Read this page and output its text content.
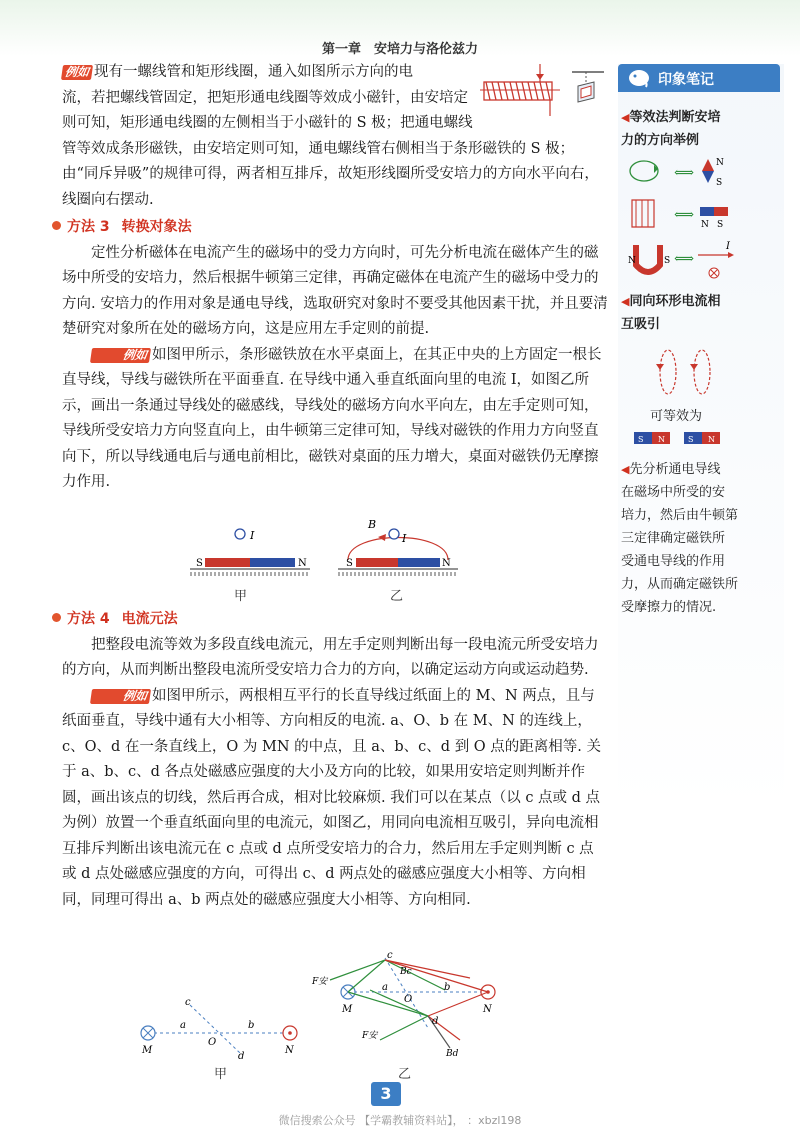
第一章　安培力与洛伦兹力

例如 现有一螺线管和矩形线圈，通入如图所示方向的电

流，若把螺线管固定，把矩形通电线圈等效成小磁针，由安培定

则可知，矩形通电线圈的左侧相当于小磁针的 S 极；把通电螺线

管等效成条形磁铁，由安培定则可知，通电螺线管右侧相当于条形磁铁的 S 极；由“同斥异吸”的规律可得，两者相互排斥，故矩形线圈所受安培力的方向水平向右，线圈向右摆动.

方法 3 转换对象法

定性分析磁体在电流产生的磁场中的受力方向时，可先分析电流在磁体产生的磁场中所受的安培力，然后根据牛顿第三定律，再确定磁体在电流产生的磁场中受力的方向. 安培力的作用对象是通电导线，选取研究对象时不要受其他因素干扰，并且要清楚研究对象所在处的磁场方向，这是应用左手定则的前提.

例如 如图甲所示，条形磁铁放在水平桌面上，在其正中央的上方固定一根长直导线，导线与磁铁所在平面垂直. 在导线中通入垂直纸面向里的电流 I，如图乙所示，画出一条通过导线处的磁感线，导线处的磁场方向水平向左，由左手定则可知，导线所受安培力方向竖直向上，由牛顿第三定律可知，导线对磁铁的作用力方向竖直向下，所以导线通电后与通电前相比，磁铁对桌面的压力增大，桌面对磁铁仍无摩擦力作用.

I
S	N
甲
B
I
S	N
乙
方法 4 电流元法

把整段电流等效为多段直线电流元，用左手定则判断出每一段电流元所受安培力的方向，从而判断出整段电流所受安培力合力的方向，以确定运动方向或运动趋势.

例如 如图甲所示，两根相互平行的长直导线过纸面上的 M、N 两点，且与纸面垂直，导线中通有大小相等、方向相反的电流. a、O、b 在 M、N 的连线上，c、O、d 在一条直线上，O 为 MN 的中点，且 a、b、c、d 到 O 点的距离相等. 关于 a、b、c、d 各点处磁感应强度的大小及方向的比较，如果用安培定则判断并作圆，画出该点的切线，然后再合成，相对比较麻烦. 我们可以在某点（以 c 点或 d 点为例）放置一个垂直纸面向里的电流元，如图乙，用同向电流相互吸引，异向电流相互排斥判断出该电流元在 c 点或 d 点所受安培力的合力，然后用左手定则判断 c 点或 d 点处磁感应强度的方向，可得出 c、d 两点处的磁感应强度大小相等、方向相同，同理可得出 a、b 两点处的磁感应强度大小相等、方向相同.

M	N
a	b
c
d
O
甲
F安
F安
Bc
Bd
M	N
a	b
c
d
O
乙
印象笔记
◀等效法判断安培
力的方向举例
⟺
N
S
⟺
N S
N	S ⟺
I
◀同向环形电流相
互吸引
可等效为
S N	S N
◀先分析通电导线
在磁场中所受的安
培力，然后由牛顿第
三定律确定磁铁所
受通电导线的作用
力，从而确定磁铁所
受摩擦力的情况.
3
微信搜索公众号 【学霸教辅资料站】， ：xbzl198
